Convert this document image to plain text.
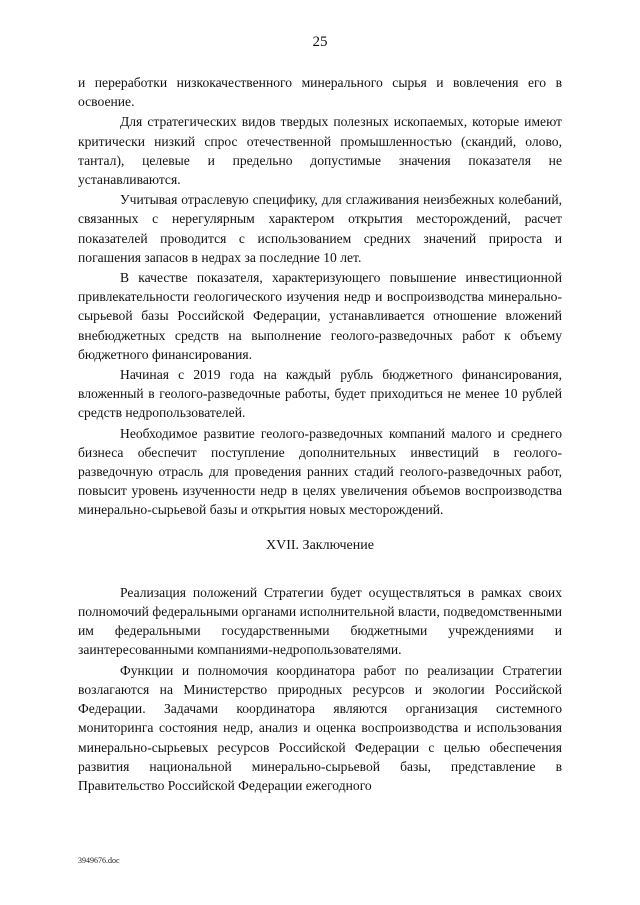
25

и переработки низкокачественного минерального сырья и вовлечения его в освоение.

Для стратегических видов твердых полезных ископаемых, которые имеют критически низкий спрос отечественной промышленностью (скандий, олово, тантал), целевые и предельно допустимые значения показателя не устанавливаются.

Учитывая отраслевую специфику, для сглаживания неизбежных колебаний, связанных с нерегулярным характером открытия месторождений, расчет показателей проводится с использованием средних значений прироста и погашения запасов в недрах за последние 10 лет.

В качестве показателя, характеризующего повышение инвестиционной привлекательности геологического изучения недр и воспроизводства минерально-сырьевой базы Российской Федерации, устанавливается отношение вложений внебюджетных средств на выполнение геолого-разведочных работ к объему бюджетного финансирования.

Начиная с 2019 года на каждый рубль бюджетного финансирования, вложенный в геолого-разведочные работы, будет приходиться не менее 10 рублей средств недропользователей.

Необходимое развитие геолого-разведочных компаний малого и среднего бизнеса обеспечит поступление дополнительных инвестиций в геолого-разведочную отрасль для проведения ранних стадий геолого-разведочных работ, повысит уровень изученности недр в целях увеличения объемов воспроизводства минерально-сырьевой базы и открытия новых месторождений.

XVII. Заключение

Реализация положений Стратегии будет осуществляться в рамках своих полномочий федеральными органами исполнительной власти, подведомственными им федеральными государственными бюджетными учреждениями и заинтересованными компаниями-недропользователями.

Функции и полномочия координатора работ по реализации Стратегии возлагаются на Министерство природных ресурсов и экологии Российской Федерации. Задачами координатора являются организация системного мониторинга состояния недр, анализ и оценка воспроизводства и использования минерально-сырьевых ресурсов Российской Федерации с целью обеспечения развития национальной минерально-сырьевой базы, представление в Правительство Российской Федерации ежегодного

3949676.doc
